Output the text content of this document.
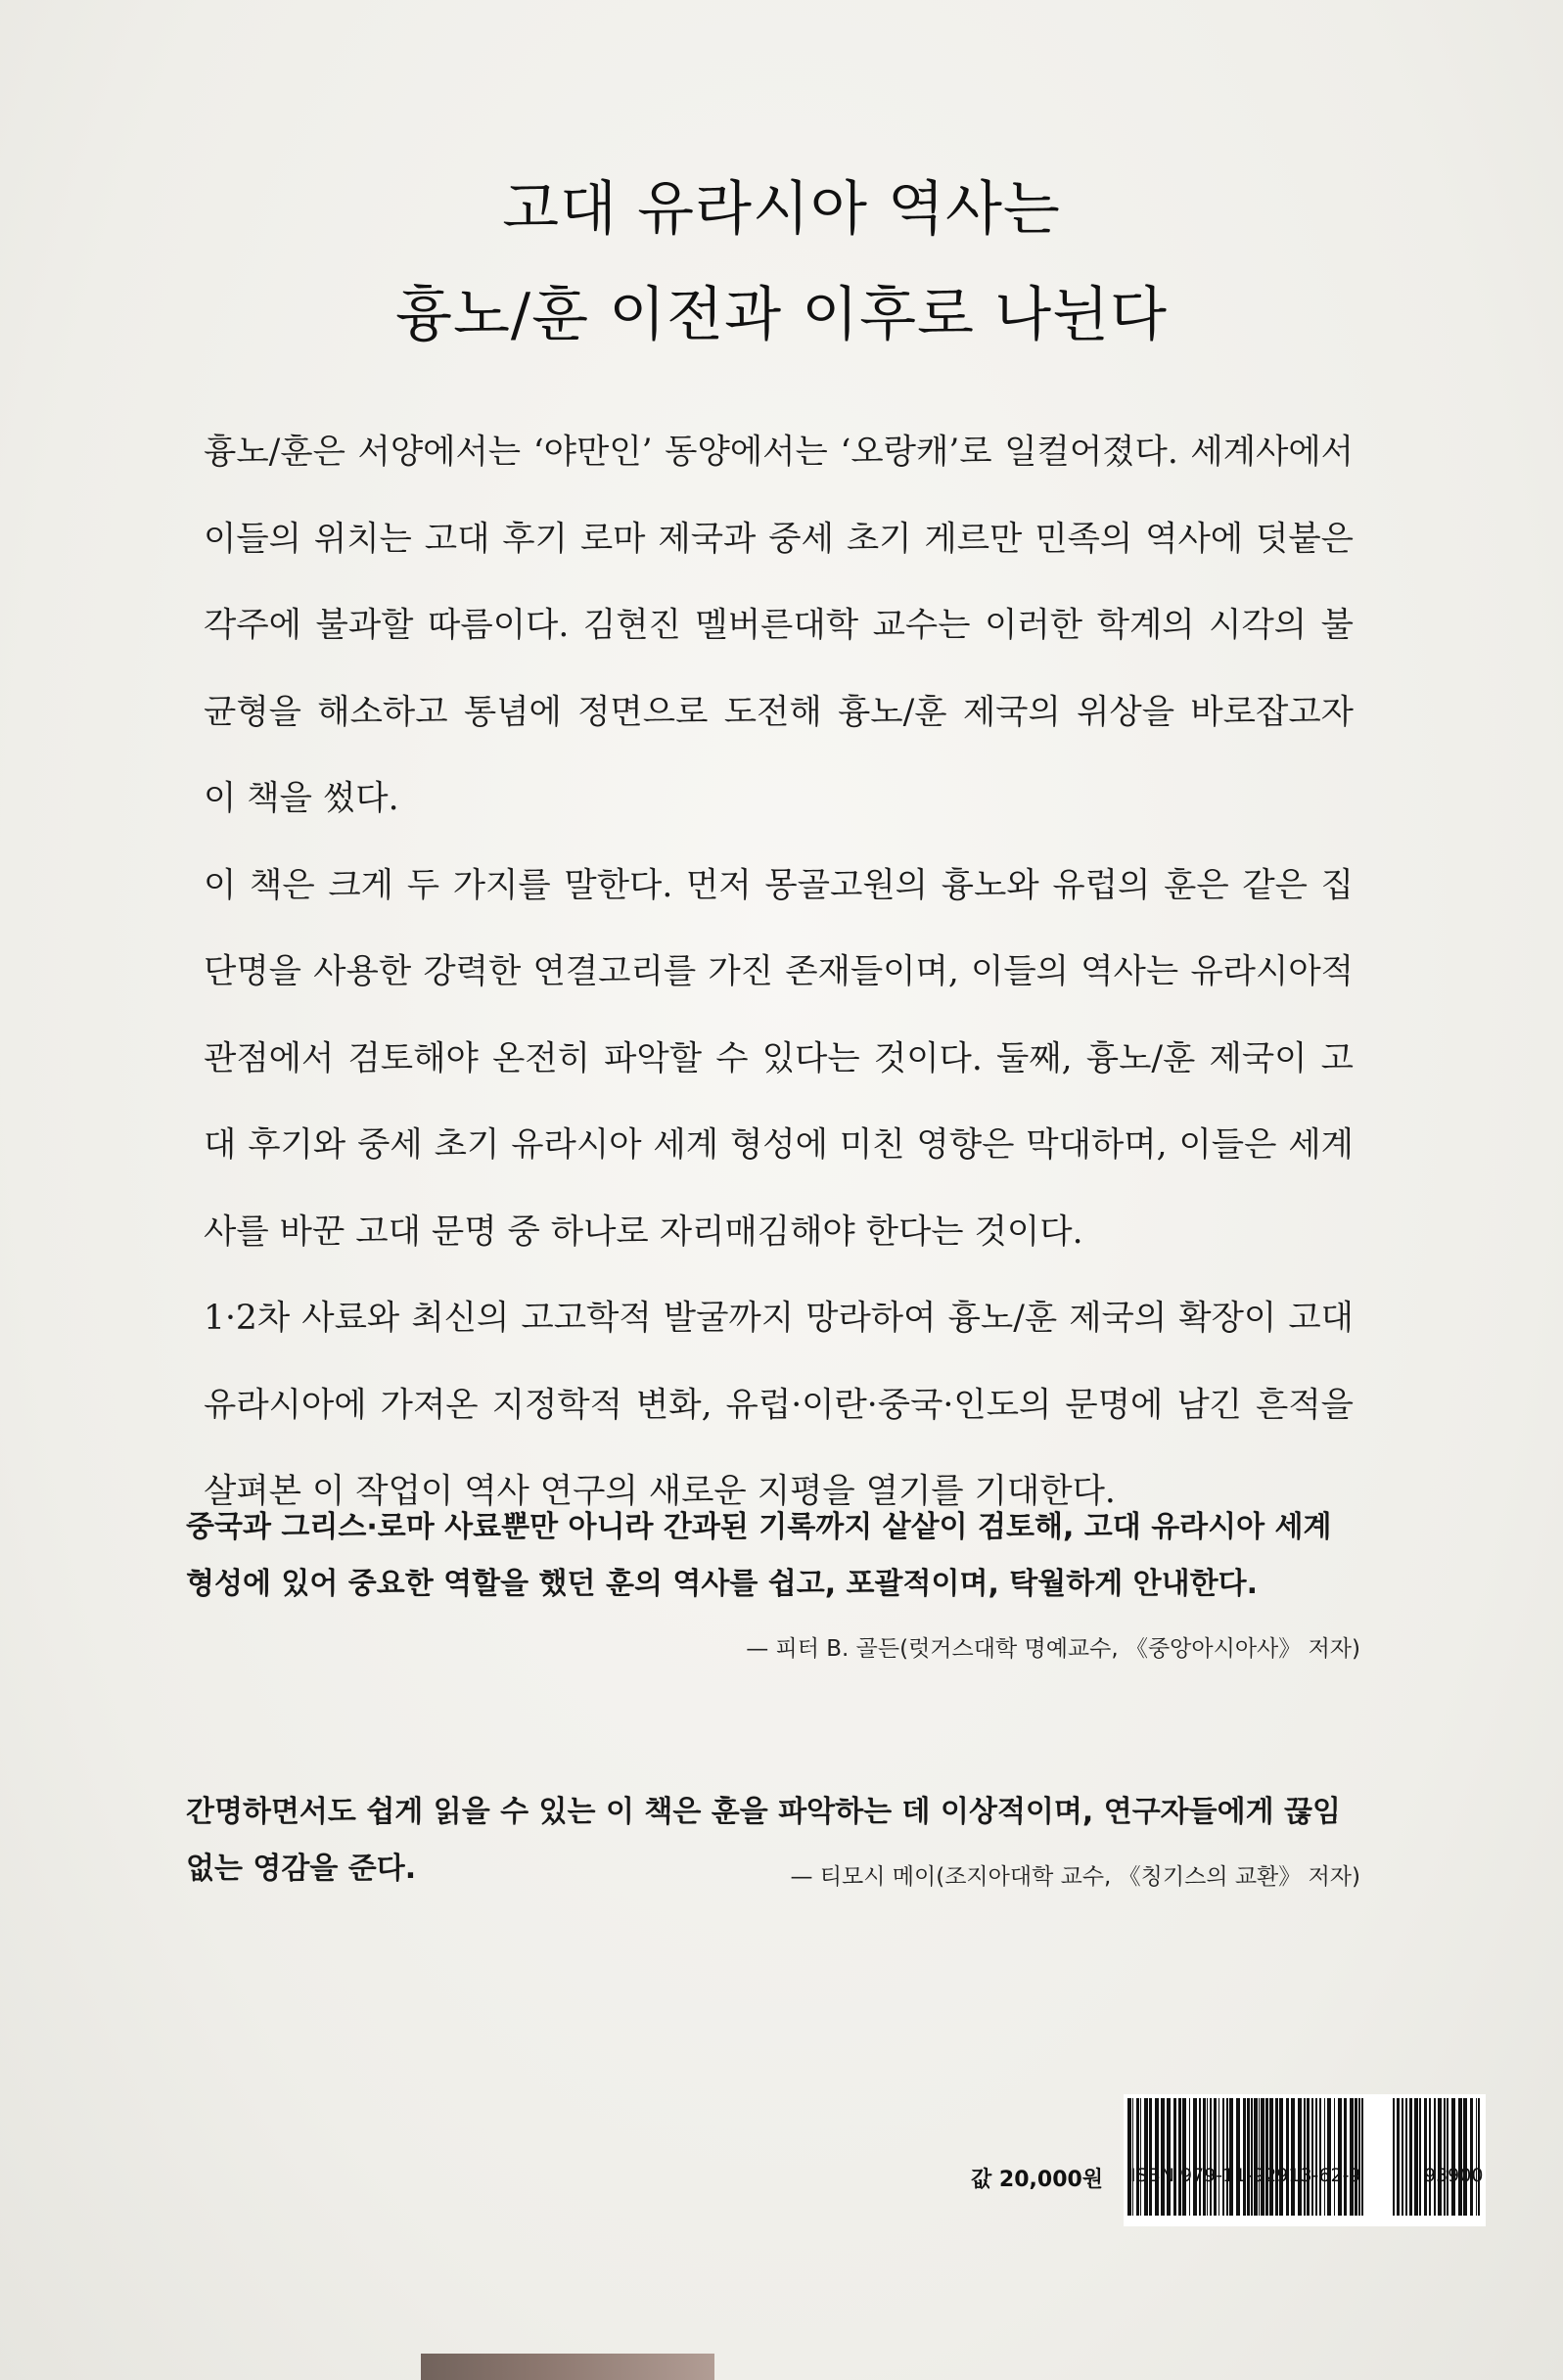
고대 유라시아 역사는
흉노/훈 이전과 이후로 나뉜다

흉노/훈은 서양에서는 ‘야만인’ 동양에서는 ‘오랑캐’로 일컬어졌다. 세계사에서 이들의 위치는 고대 후기 로마 제국과 중세 초기 게르만 민족의 역사에 덧붙은 각주에 불과할 따름이다. 김현진 멜버른대학 교수는 이러한 학계의 시각의 불균형을 해소하고 통념에 정면으로 도전해 흉노/훈 제국의 위상을 바로잡고자 이 책을 썼다.

이 책은 크게 두 가지를 말한다. 먼저 몽골고원의 흉노와 유럽의 훈은 같은 집단명을 사용한 강력한 연결고리를 가진 존재들이며, 이들의 역사는 유라시아적 관점에서 검토해야 온전히 파악할 수 있다는 것이다. 둘째, 흉노/훈 제국이 고대 후기와 중세 초기 유라시아 세계 형성에 미친 영향은 막대하며, 이들은 세계사를 바꾼 고대 문명 중 하나로 자리매김해야 한다는 것이다.

1·2차 사료와 최신의 고고학적 발굴까지 망라하여 흉노/훈 제국의 확장이 고대 유라시아에 가져온 지정학적 변화, 유럽·이란·중국·인도의 문명에 남긴 흔적을 살펴본 이 작업이 역사 연구의 새로운 지평을 열기를 기대한다.

중국과 그리스·로마 사료뿐만 아니라 간과된 기록까지 샅샅이 검토해, 고대 유라시아 세계 형성에 있어 중요한 역할을 했던 훈의 역사를 쉽고, 포괄적이며, 탁월하게 안내한다.
— 피터 B. 골든(럿거스대학 명예교수, 《중앙아시아사》 저자)
간명하면서도 쉽게 읽을 수 있는 이 책은 훈을 파악하는 데 이상적이며, 연구자들에게 끊임없는 영감을 준다.	— 티모시 메이(조지아대학 교수, 《칭기스의 교환》 저자)
값 20,000원 ISBN 979-11-92913-62-9	93900
